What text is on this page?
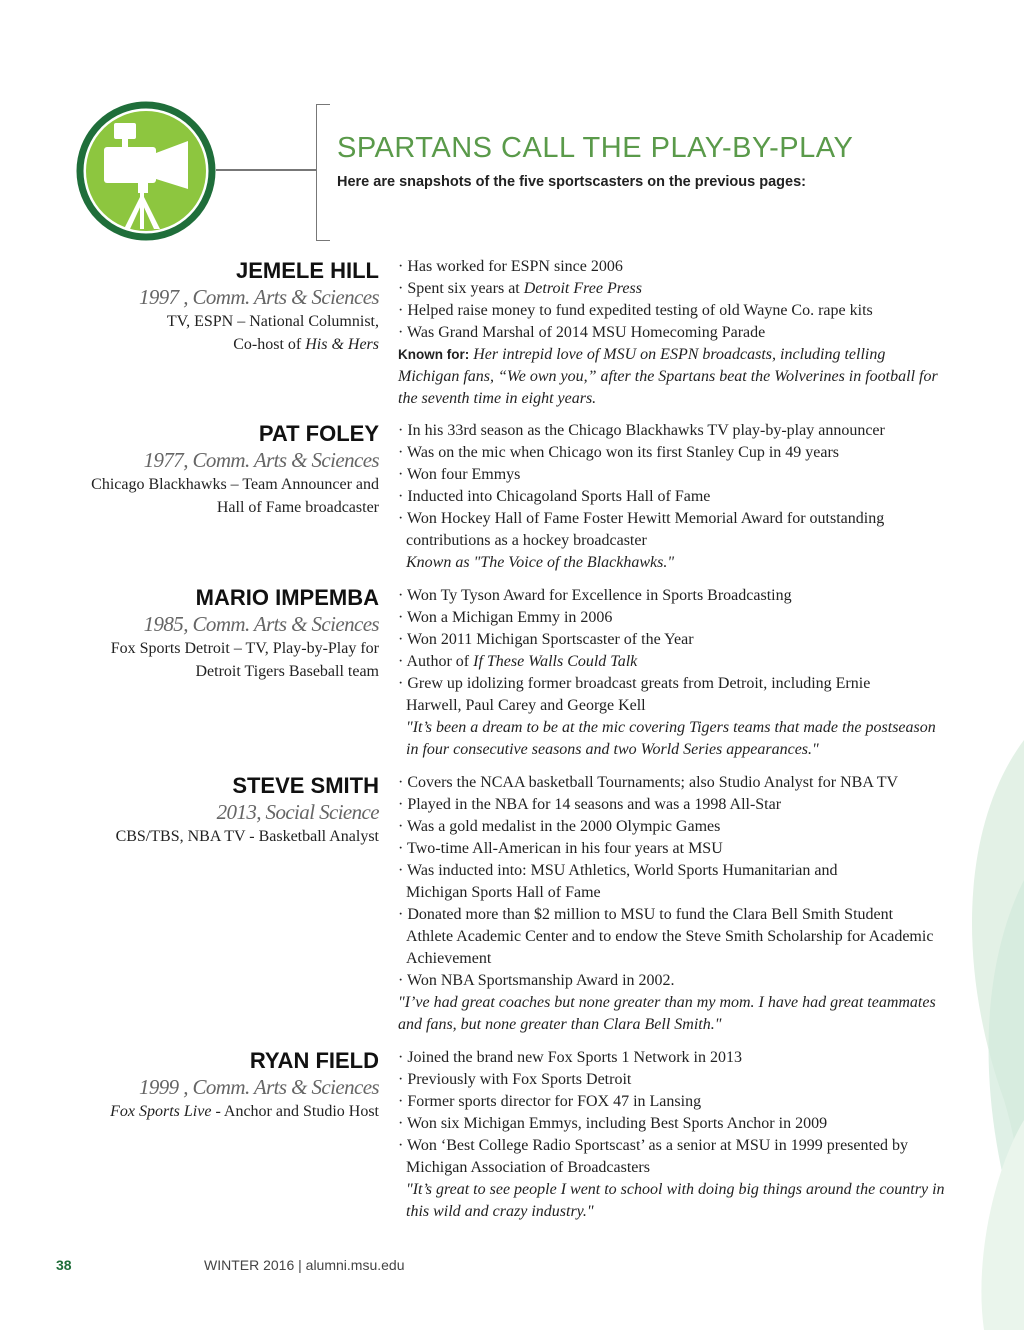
SPARTANS CALL THE PLAY-BY-PLAY
Here are snapshots of the five sportscasters on the previous pages:
JEMELE HILL
1997 , Comm. Arts & Sciences
TV, ESPN – National Columnist,
Co-host of His & Hers
· Has worked for ESPN since 2006
· Spent six years at Detroit Free Press
· Helped raise money to fund expedited testing of old Wayne Co. rape kits
· Was Grand Marshal of 2014 MSU Homecoming Parade
Known for: Her intrepid love of MSU on ESPN broadcasts, including telling Michigan fans, “We own you,” after the Spartans beat the Wolverines in football for the seventh time in eight years.
PAT FOLEY
1977, Comm. Arts & Sciences
Chicago Blackhawks – Team Announcer and
Hall of Fame broadcaster
· In his 33rd season as the Chicago Blackhawks TV play-by-play announcer
· Was on the mic when Chicago won its first Stanley Cup in 49 years
· Won four Emmys
· Inducted into Chicagoland Sports Hall of Fame
· Won Hockey Hall of Fame Foster Hewitt Memorial Award for outstanding contributions as a hockey broadcaster
Known as "The Voice of the Blackhawks."
MARIO IMPEMBA
1985, Comm. Arts & Sciences
Fox Sports Detroit – TV, Play-by-Play for
Detroit Tigers Baseball team
· Won Ty Tyson Award for Excellence in Sports Broadcasting
· Won a Michigan Emmy in 2006
· Won 2011 Michigan Sportscaster of the Year
· Author of If These Walls Could Talk
· Grew up idolizing former broadcast greats from Detroit, including Ernie Harwell, Paul Carey and George Kell
"It’s been a dream to be at the mic covering Tigers teams that made the postseason in four consecutive seasons and two World Series appearances."
STEVE SMITH
2013, Social Science
CBS/TBS, NBA TV - Basketball Analyst
· Covers the NCAA basketball Tournaments; also Studio Analyst for NBA TV
· Played in the NBA for 14 seasons and was a 1998 All-Star
· Was a gold medalist in the 2000 Olympic Games
· Two-time All-American in his four years at MSU
· Was inducted into: MSU Athletics, World Sports Humanitarian and Michigan Sports Hall of Fame
· Donated more than $2 million to MSU to fund the Clara Bell Smith Student Athlete Academic Center and to endow the Steve Smith Scholarship for Academic Achievement
· Won NBA Sportsmanship Award in 2002.
"I’ve had great coaches but none greater than my mom. I have had great teammates and fans, but none greater than Clara Bell Smith."
RYAN FIELD
1999 , Comm. Arts & Sciences
Fox Sports Live - Anchor and Studio Host
· Joined the brand new Fox Sports 1 Network in 2013
· Previously with Fox Sports Detroit
· Former sports director for FOX 47 in Lansing
· Won six Michigan Emmys, including Best Sports Anchor in 2009
· Won ‘Best College Radio Sportscast’ as a senior at MSU in 1999 presented by Michigan Association of Broadcasters
"It’s great to see people I went to school with doing big things around the country in this wild and crazy industry."
38	WINTER 2016 | alumni.msu.edu
